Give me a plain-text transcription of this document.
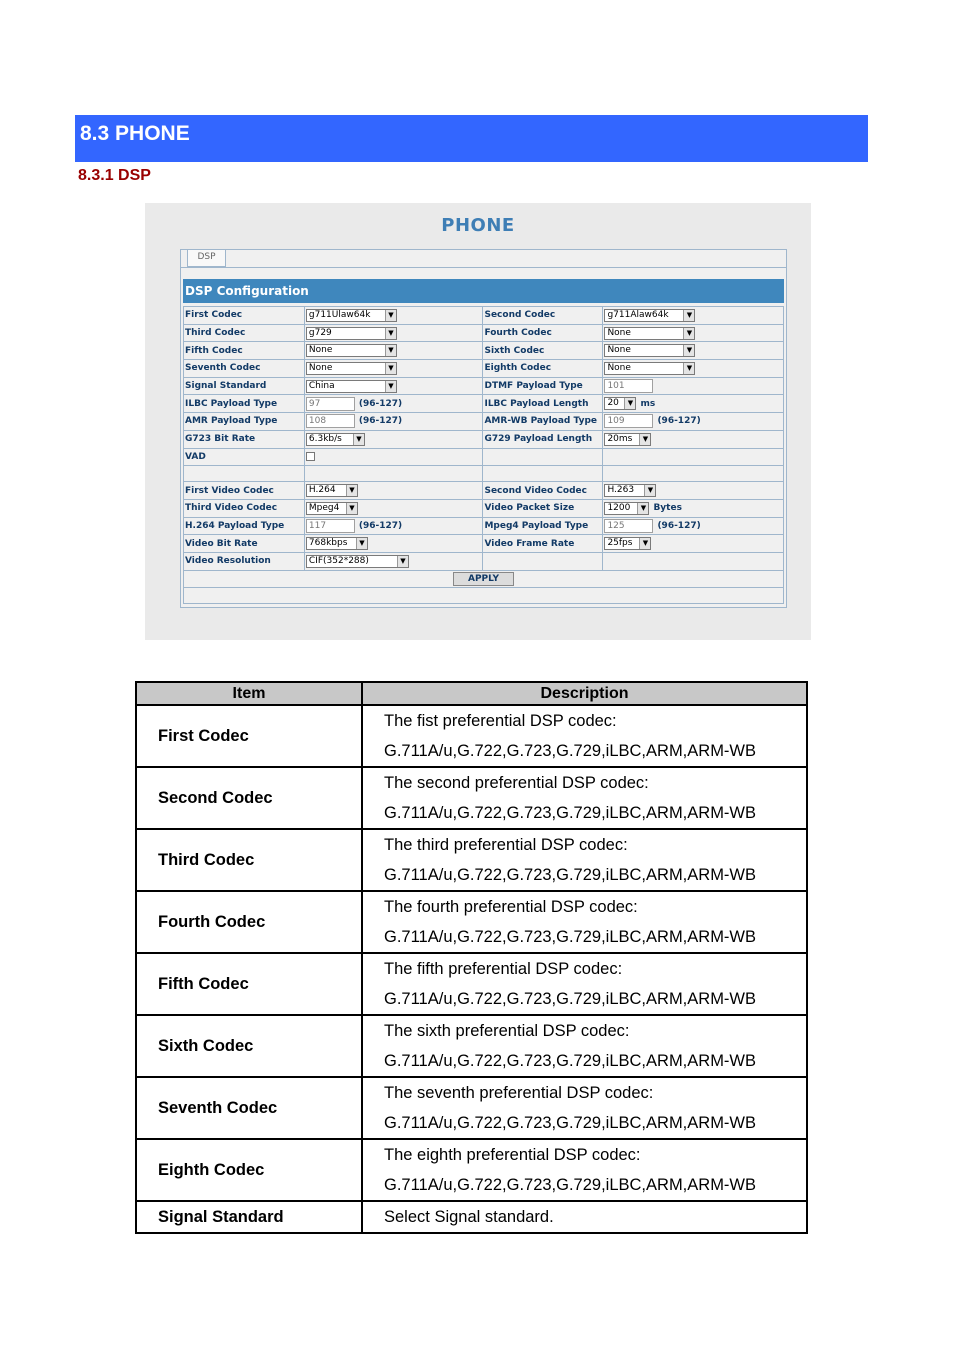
8.3 PHONE
8.3.1 DSP
PHONE
DSP
DSP Configuration
First Codec	g711Ulaw64k ▼	Second Codec	g711Alaw64k ▼

Third Codec	g729 ▼	Fourth Codec	None ▼

Fifth Codec	None ▼	Sixth Codec	None ▼

Seventh Codec	None ▼	Eighth Codec	None ▼

Signal Standard	China ▼	DTMF Payload Type	101
ILBC Payload Type	97 (96-127)	ILBC Payload Length	20 ▼ ms
AMR Payload Type	108 (96-127)	AMR-WB Payload Type	109 (96-127)
G723 Bit Rate	6.3kb/s ▼	G729 Payload Length	20ms ▼

VAD			

First Video Codec	H.264 ▼	Second Video Codec	H.263 ▼

Third Video Codec	Mpeg4 ▼	Video Packet Size	1200 ▼ Bytes
H.264 Payload Type	117 (96-127)	Mpeg4 Payload Type	125 (96-127)
Video Bit Rate	768kbps ▼	Video Frame Rate	25fps ▼

Video Resolution	CIF(352*288) ▼		

APPLY			

Item	Description
First Codec	The fist preferential DSP codec:
G.711A/u,G.722,G.723,G.729,iLBC,ARM,ARM-WB

Second Codec	The second preferential DSP codec:
G.711A/u,G.722,G.723,G.729,iLBC,ARM,ARM-WB

Third Codec	The third preferential DSP codec:
G.711A/u,G.722,G.723,G.729,iLBC,ARM,ARM-WB

Fourth Codec	The fourth preferential DSP codec:
G.711A/u,G.722,G.723,G.729,iLBC,ARM,ARM-WB

Fifth Codec	The fifth preferential DSP codec:
G.711A/u,G.722,G.723,G.729,iLBC,ARM,ARM-WB

Sixth Codec	The sixth preferential DSP codec:
G.711A/u,G.722,G.723,G.729,iLBC,ARM,ARM-WB

Seventh Codec	The seventh preferential DSP codec:
G.711A/u,G.722,G.723,G.729,iLBC,ARM,ARM-WB

Eighth Codec	The eighth preferential DSP codec:
G.711A/u,G.722,G.723,G.729,iLBC,ARM,ARM-WB

Signal Standard	Select Signal standard.
